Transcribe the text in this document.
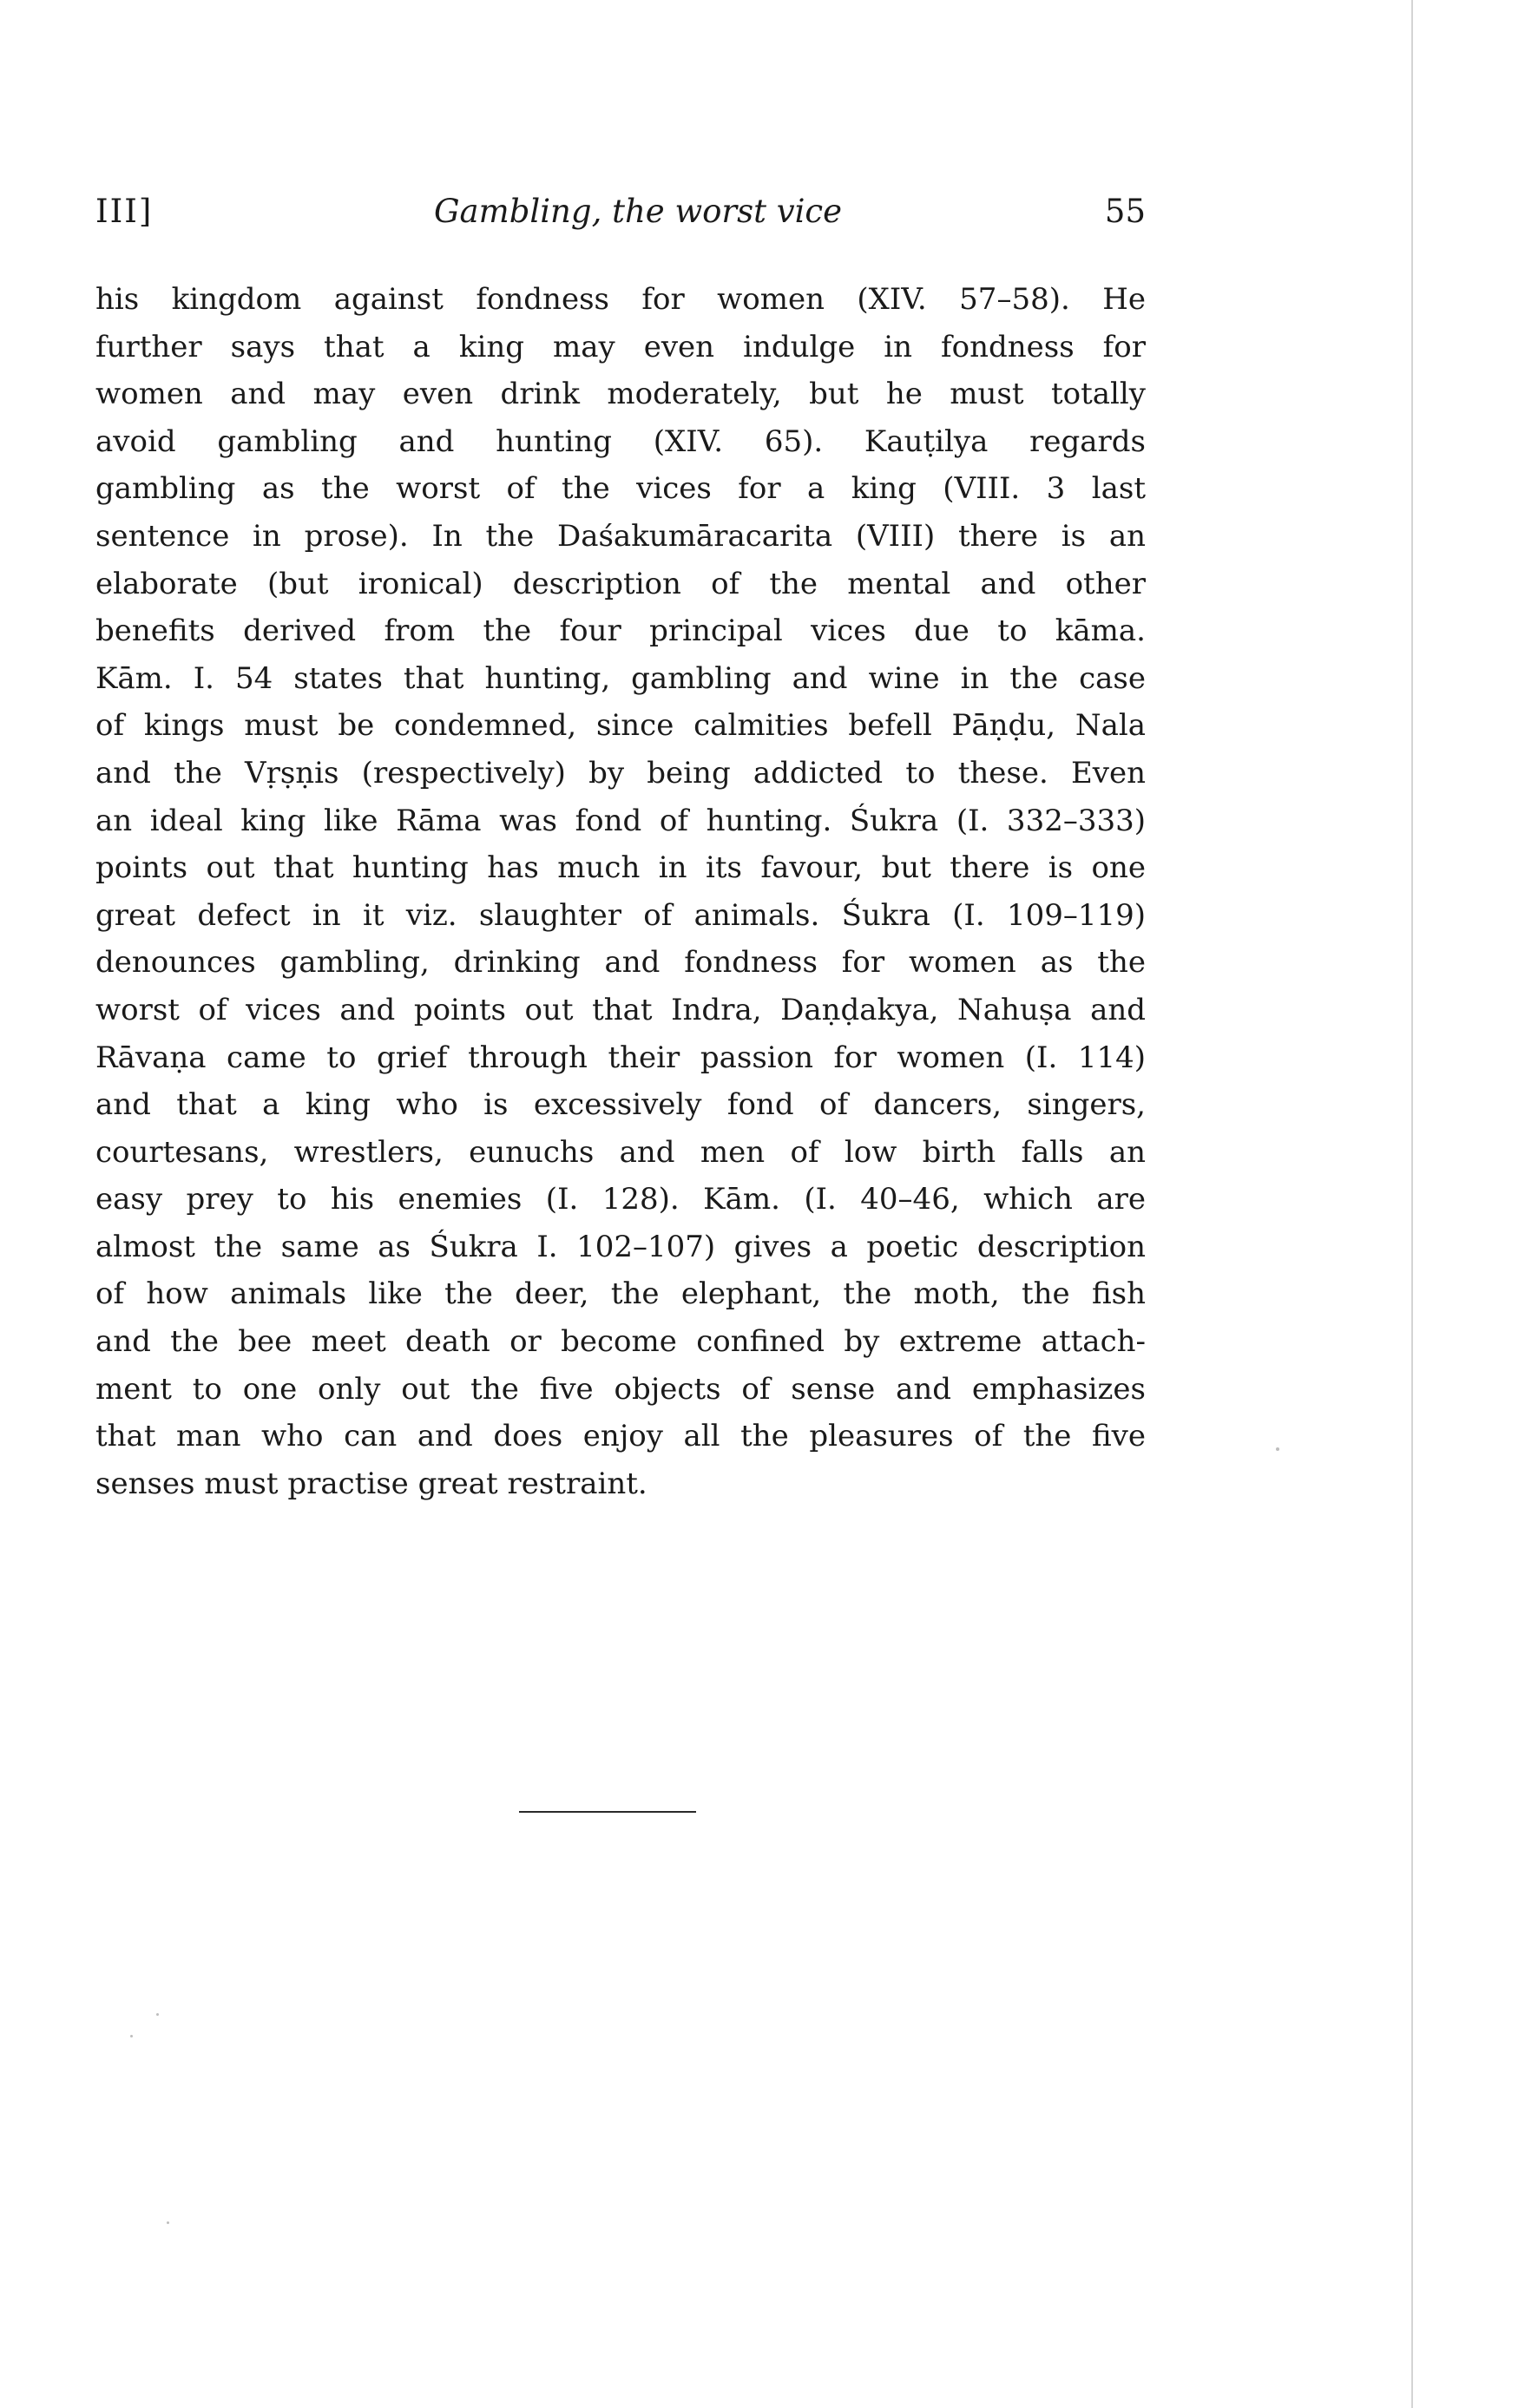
III]	Gambling, the worst vice	55
his kingdom against fondness for women (XIV. 57–58). He
further says that a king may even indulge in fondness for
women and may even drink moderately, but he must totally
avoid gambling and hunting (XIV. 65). Kauṭilya regards
gambling as the worst of the vices for a king (VIII. 3 last
sentence in prose). In the Daśakumāracarita (VIII) there is an
elaborate (but ironical) description of the mental and other
benefits derived from the four principal vices due to kāma.
Kām. I. 54 states that hunting, gambling and wine in the case
of kings must be condemned, since calmities befell Pāṇḍu, Nala
and the Vṛṣṇis (respectively) by being addicted to these. Even
an ideal king like Rāma was fond of hunting. Śukra (I. 332–333)
points out that hunting has much in its favour, but there is one
great defect in it viz. slaughter of animals. Śukra (I. 109–119)
denounces gambling, drinking and fondness for women as the
worst of vices and points out that Indra, Daṇḍakya, Nahuṣa and
Rāvaṇa came to grief through their passion for women (I. 114)
and that a king who is excessively fond of dancers, singers,
courtesans, wrestlers, eunuchs and men of low birth falls an
easy prey to his enemies (I. 128). Kām. (I. 40–46, which are
almost the same as Śukra I. 102–107) gives a poetic description
of how animals like the deer, the elephant, the moth, the fish
and the bee meet death or become confined by extreme attach-
ment to one only out the five objects of sense and emphasizes
that man who can and does enjoy all the pleasures of the five
senses must practise great restraint.
